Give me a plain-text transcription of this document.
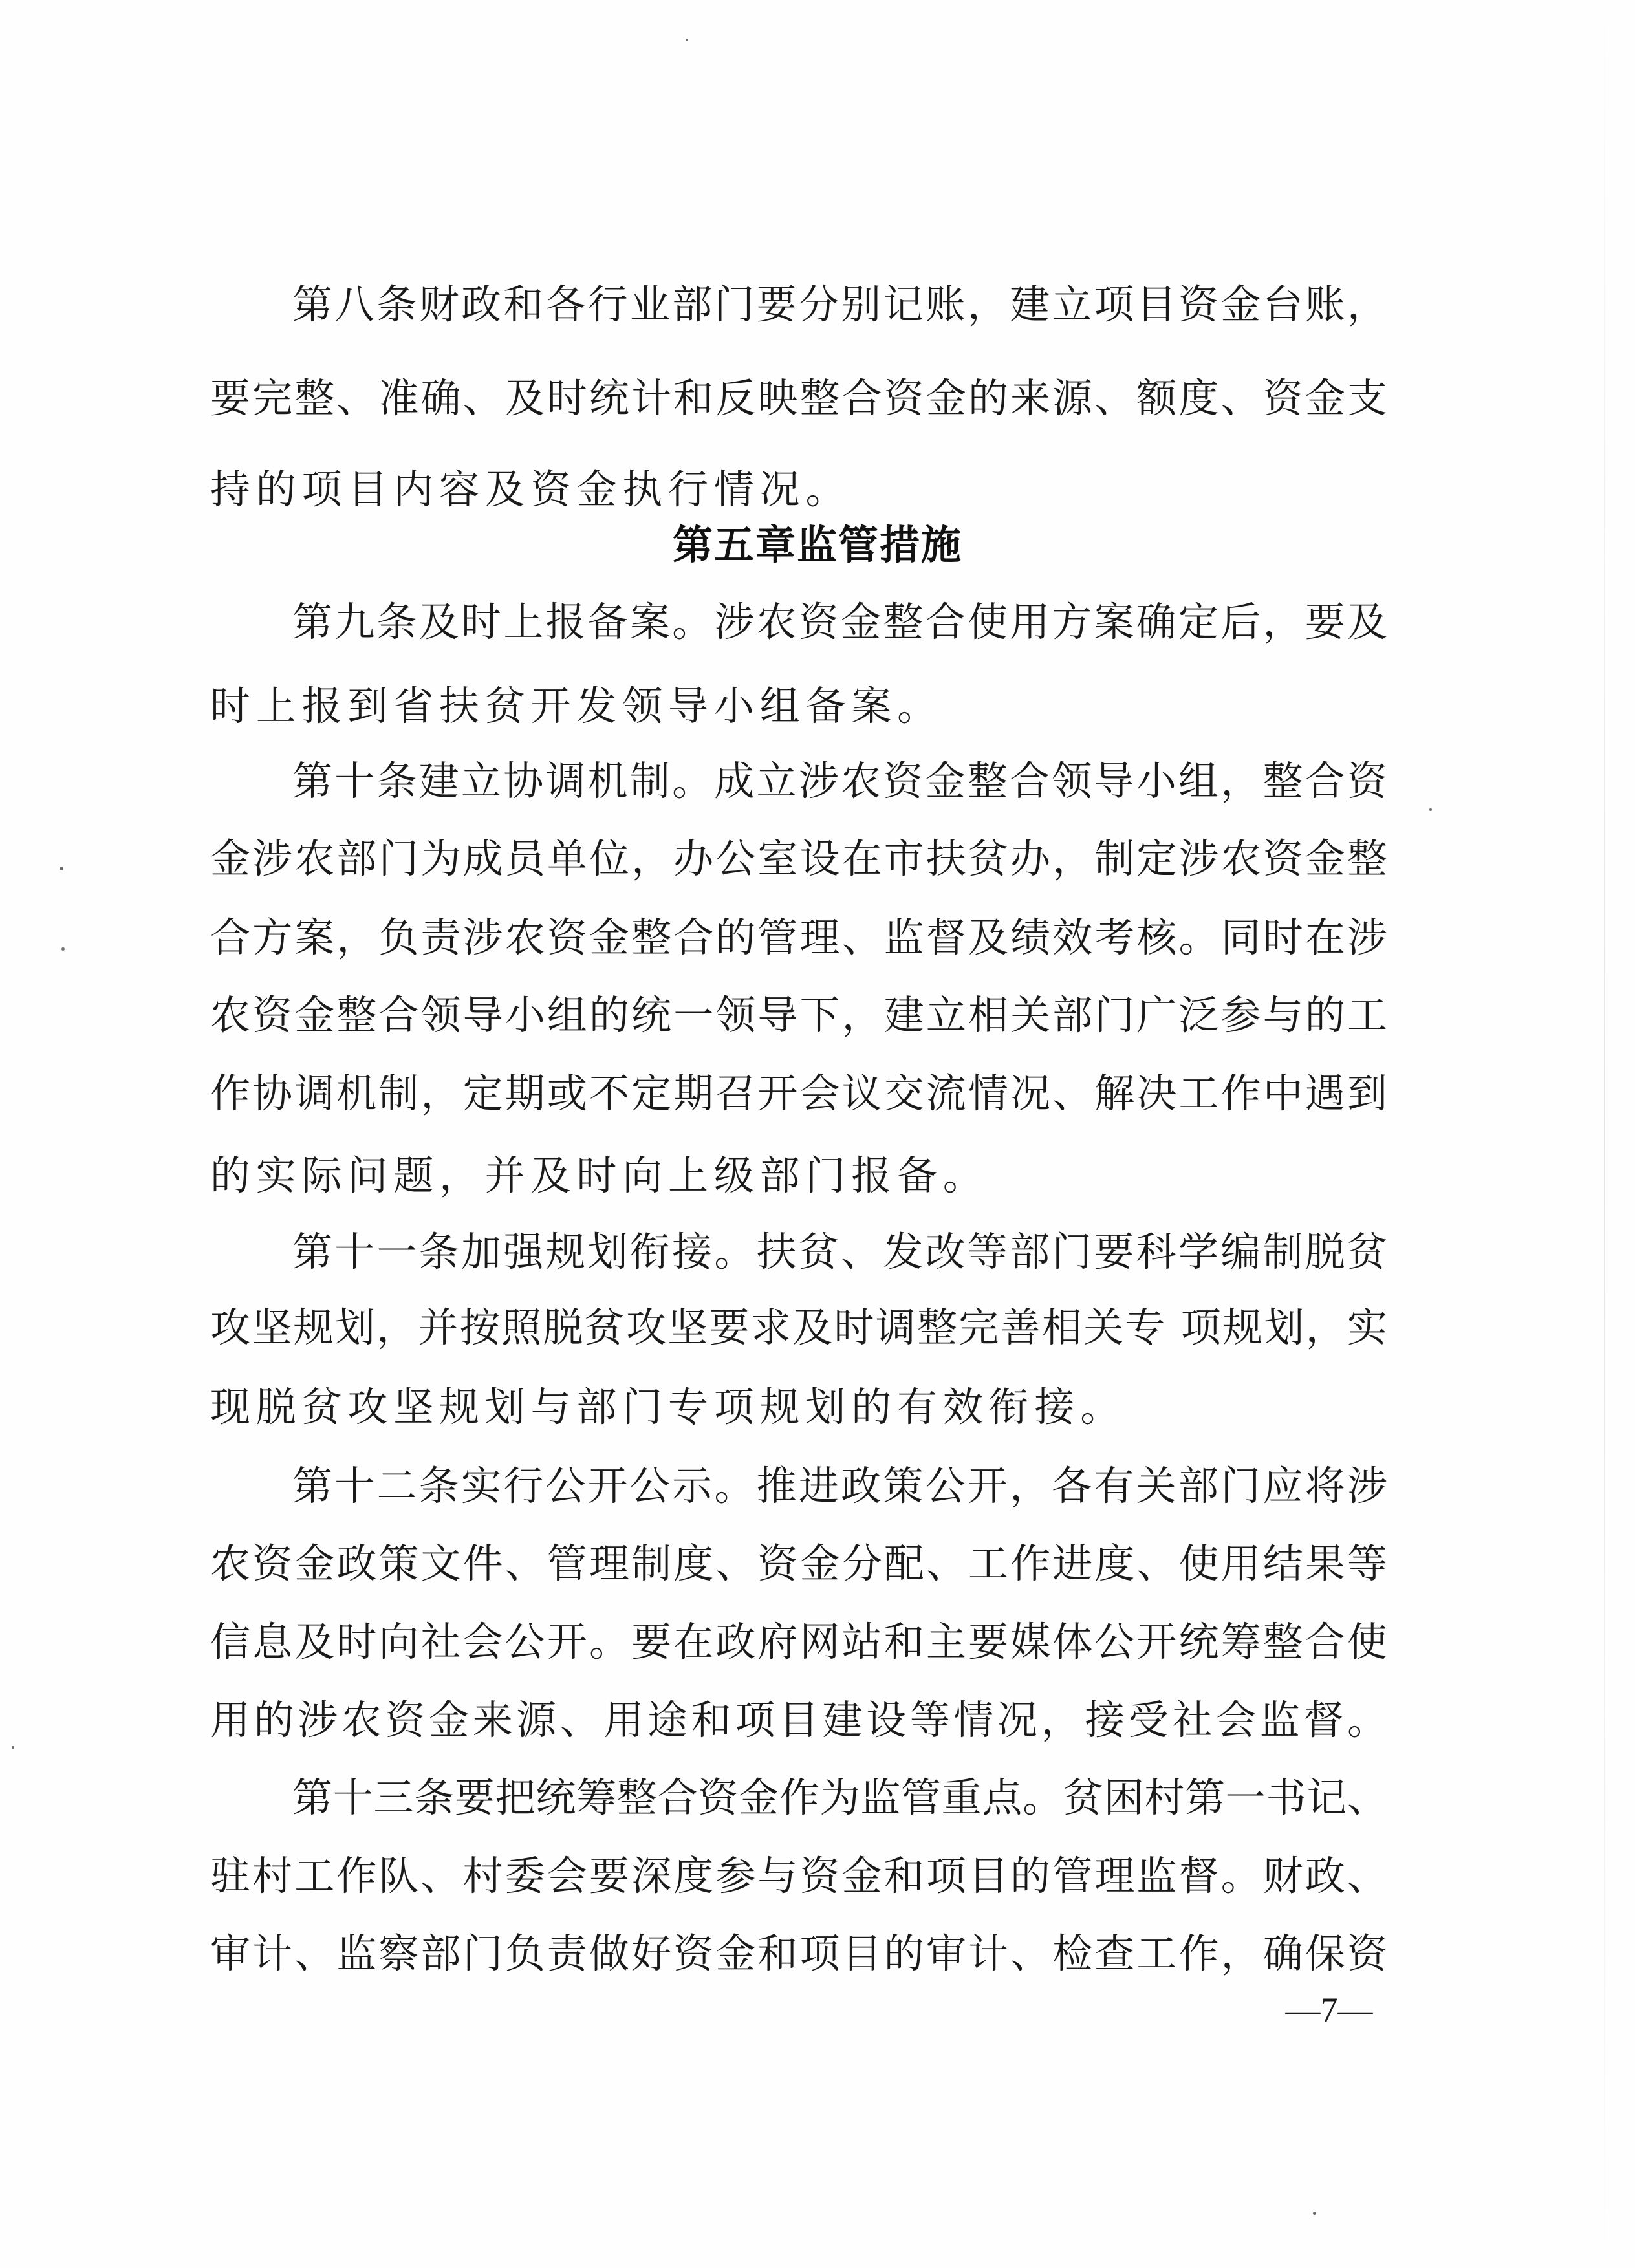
第八条财政和各行业部门要分别记账，建立项目资金台账，
要完整、准确、及时统计和反映整合资金的来源、额度、资金支
持的项目内容及资金执行情况。
第五章监管措施
第九条及时上报备案。涉农资金整合使用方案确定后，要及
时上报到省扶贫开发领导小组备案。
第十条建立协调机制。成立涉农资金整合领导小组，整合资
金涉农部门为成员单位，办公室设在市扶贫办，制定涉农资金整
合方案，负责涉农资金整合的管理、监督及绩效考核。同时在涉
农资金整合领导小组的统一领导下，建立相关部门广泛参与的工
作协调机制，定期或不定期召开会议交流情况、解决工作中遇到
的实际问题，并及时向上级部门报备。
第十一条加强规划衔接。扶贫、发改等部门要科学编制脱贫
攻坚规划，并按照脱贫攻坚要求及时调整完善相关专 项规划，实
现脱贫攻坚规划与部门专项规划的有效衔接。
第十二条实行公开公示。推进政策公开，各有关部门应将涉
农资金政策文件、管理制度、资金分配、工作进度、使用结果等
信息及时向社会公开。要在政府网站和主要媒体公开统筹整合使
用的涉农资金来源、用途和项目建设等情况，接受社会监督。
第十三条要把统筹整合资金作为监管重点。贫困村第一书记、
驻村工作队、村委会要深度参与资金和项目的管理监督。财政、
审计、监察部门负责做好资金和项目的审计、检查工作，确保资
—7—
